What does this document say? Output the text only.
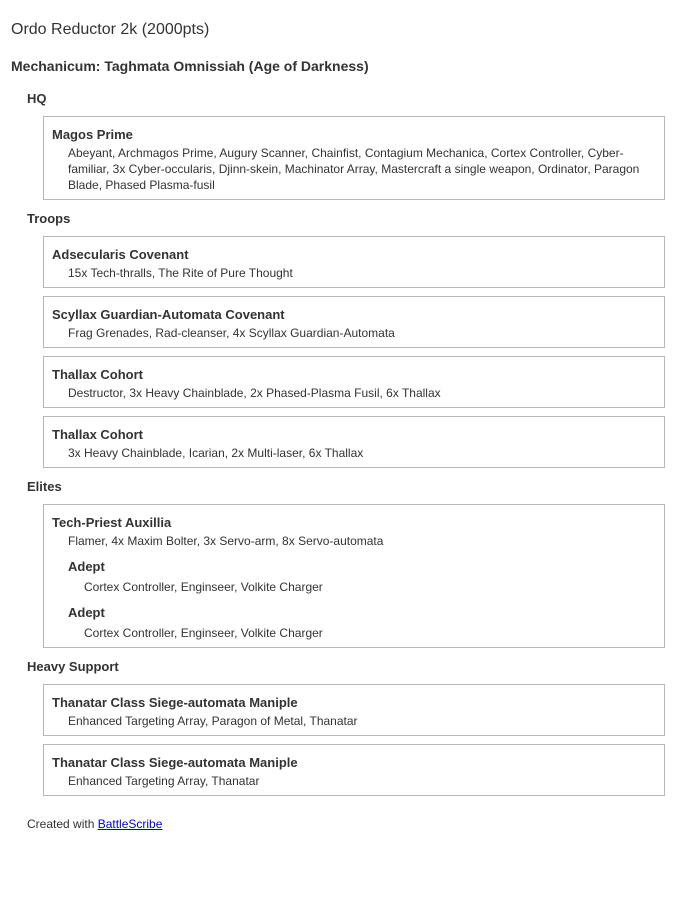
Ordo Reductor 2k (2000pts)
Mechanicum: Taghmata Omnissiah (Age of Darkness)
HQ

Magos Prime

Abeyant, Archmagos Prime, Augury Scanner, Chainfist, Contagium Mechanica, Cortex Controller, Cyber-familiar, 3x Cyber-occularis, Djinn-skein, Machinator Array, Mastercraft a single weapon, Ordinator, Paragon Blade, Phased Plasma-fusil
Troops

Adsecularis Covenant

15x Tech-thralls, The Rite of Pure Thought

Scyllax Guardian-Automata Covenant

Frag Grenades, Rad-cleanser, 4x Scyllax Guardian-Automata

Thallax Cohort

Destructor, 3x Heavy Chainblade, 2x Phased-Plasma Fusil, 6x Thallax

Thallax Cohort

3x Heavy Chainblade, Icarian, 2x Multi-laser, 6x Thallax
Elites

Tech-Priest Auxillia

Flamer, 4x Maxim Bolter, 3x Servo-arm, 8x Servo-automata
Adept
Cortex Controller, Enginseer, Volkite Charger
Adept
Cortex Controller, Enginseer, Volkite Charger
Heavy Support

Thanatar Class Siege-automata Maniple

Enhanced Targeting Array, Paragon of Metal, Thanatar

Thanatar Class Siege-automata Maniple

Enhanced Targeting Array, Thanatar
Created with BattleScribe
